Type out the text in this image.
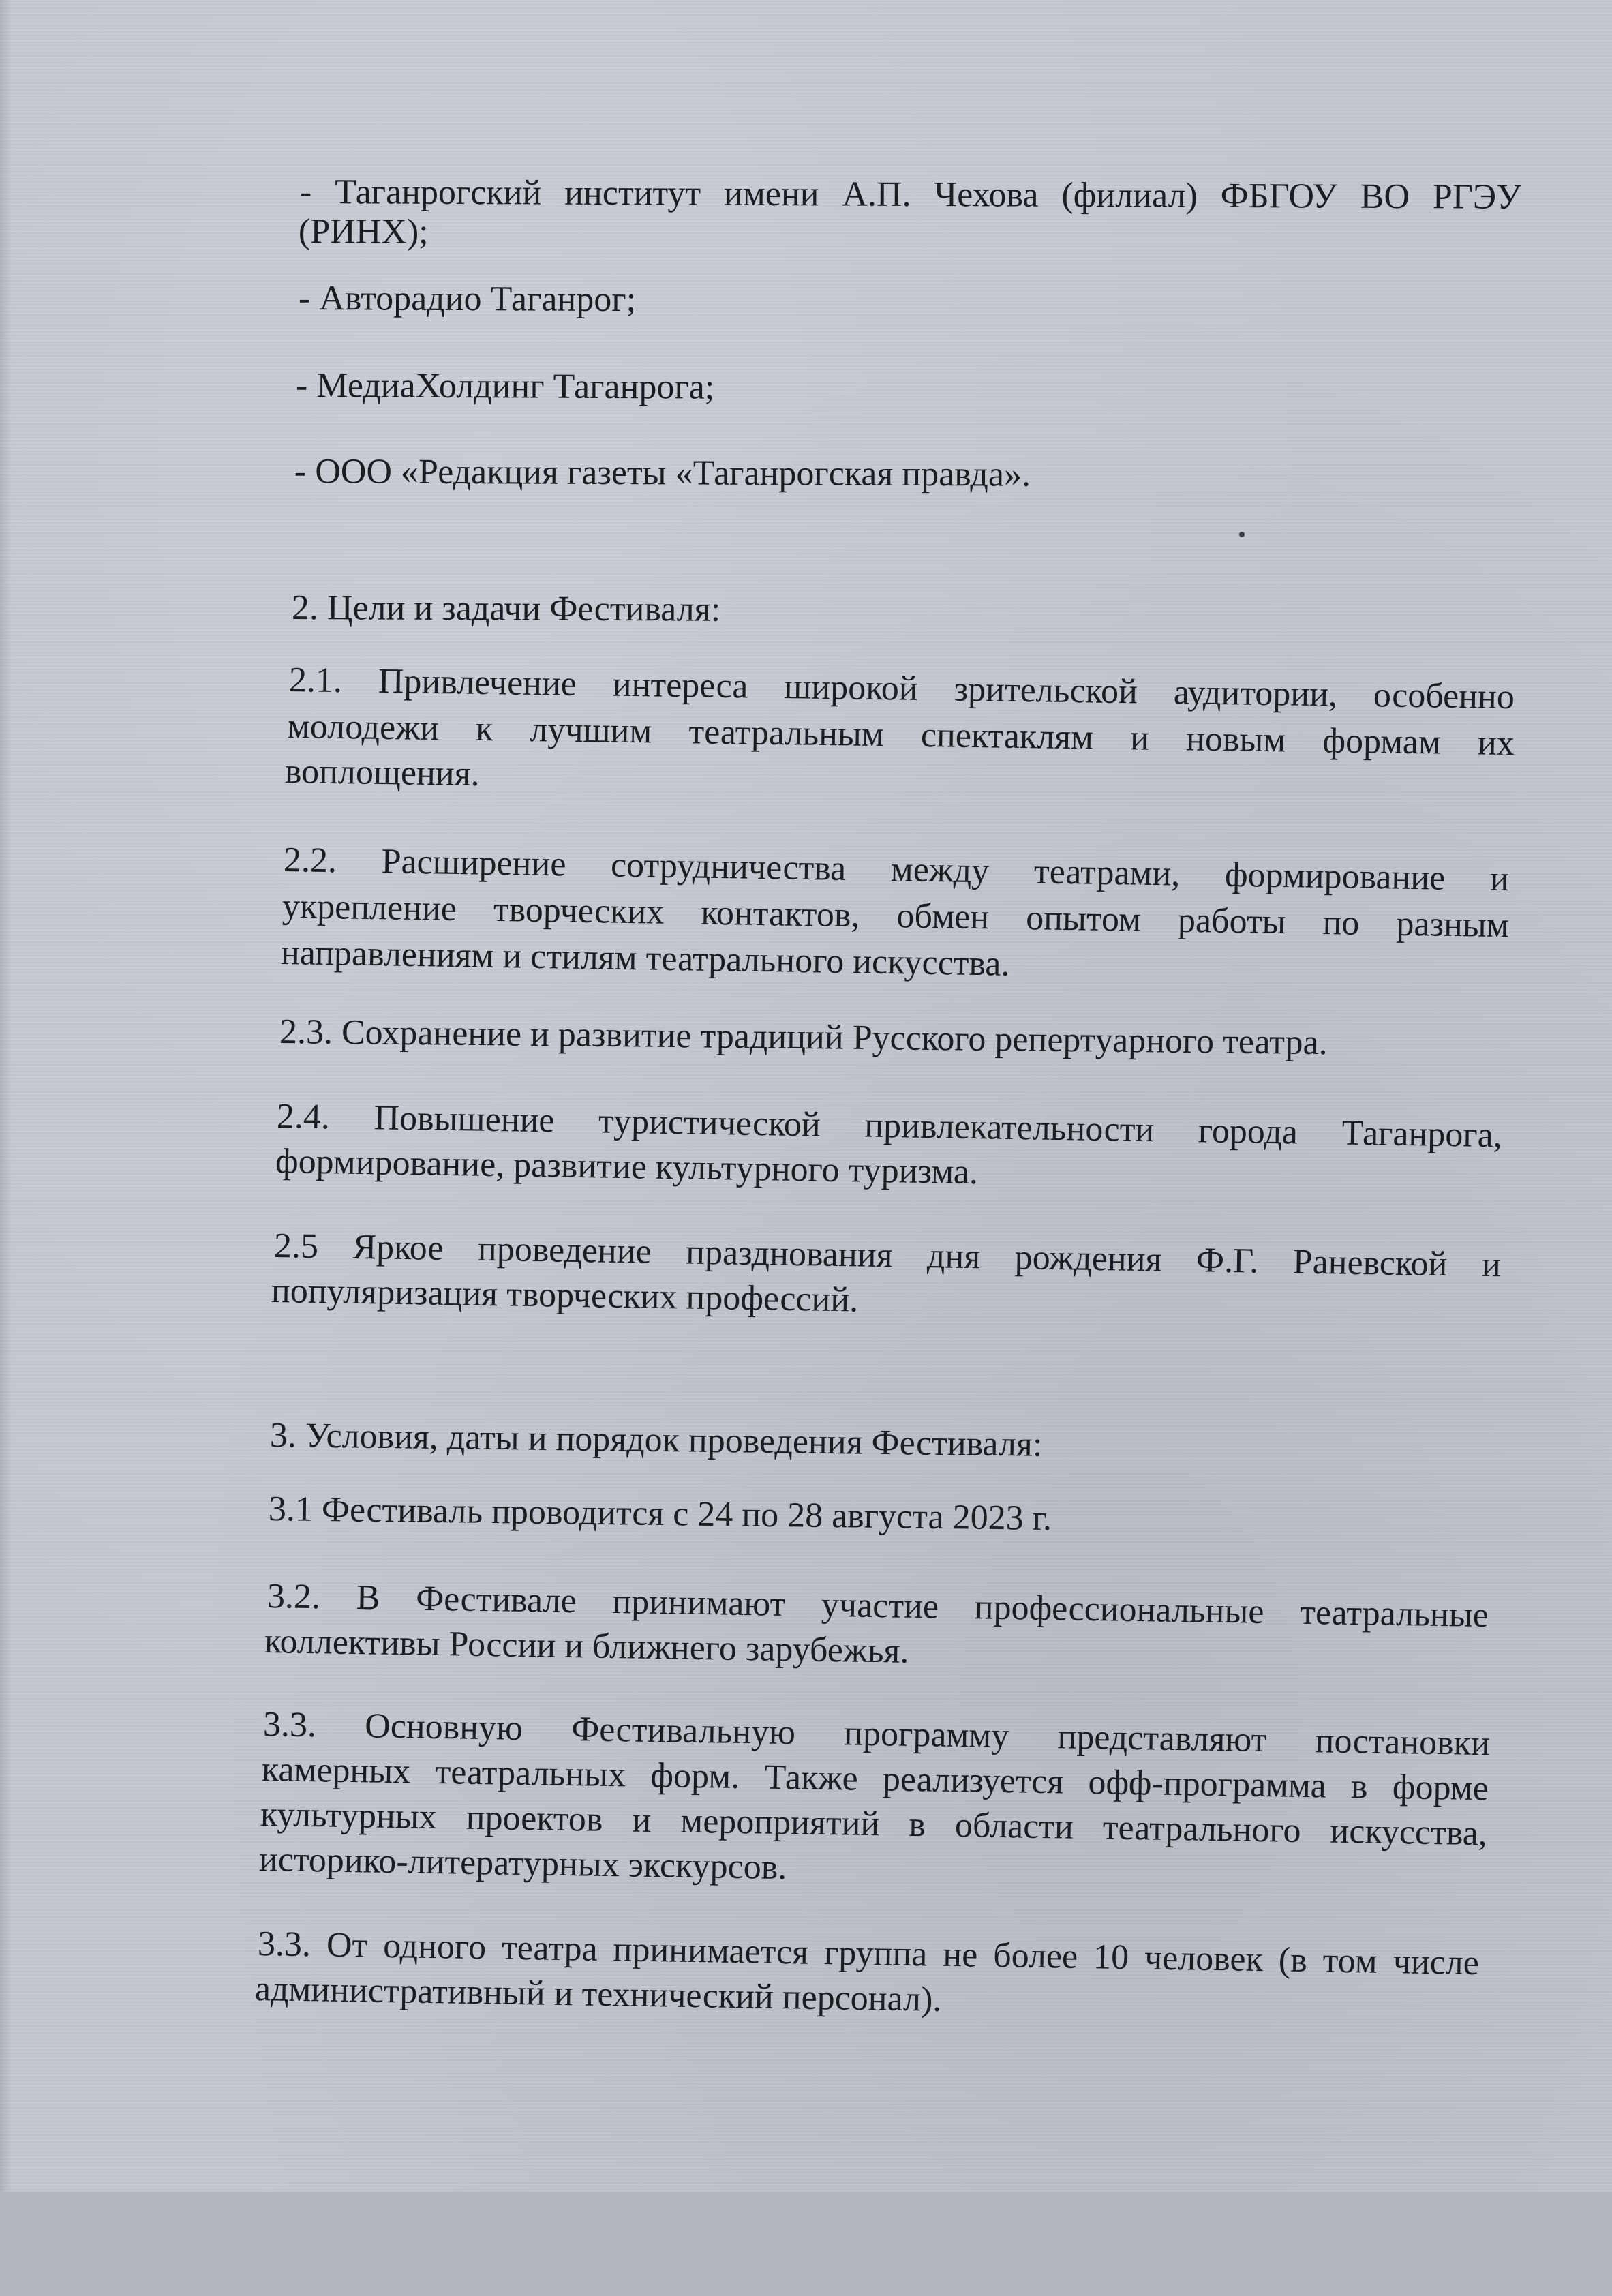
- Таганрогский институт имени А.П. Чехова (филиал) ФБГОУ ВО РГЭУ
(РИНХ);
- Авторадио Таганрог;
- МедиаХолдинг Таганрога;
- ООО «Редакция газеты «Таганрогская правда».
2. Цели и задачи Фестиваля:
2.1. Привлечение интереса широкой зрительской аудитории, особенно
молодежи к лучшим театральным спектаклям и новым формам их
воплощения.
2.2. Расширение сотрудничества между театрами, формирование и
укрепление творческих контактов, обмен опытом работы по разным
направлениям и стилям театрального искусства.
2.3. Сохранение и развитие традиций Русского репертуарного театра.
2.4. Повышение туристической привлекательности города Таганрога,
формирование, развитие культурного туризма.
2.5 Яркое проведение празднования дня рождения Ф.Г. Раневской и
популяризация творческих профессий.
3. Условия, даты и порядок проведения Фестиваля:
3.1 Фестиваль проводится с 24 по 28 августа 2023 г.
3.2. В Фестивале принимают участие профессиональные театральные
коллективы России и ближнего зарубежья.
3.3. Основную Фестивальную программу представляют постановки
камерных театральных форм. Также реализуется офф-программа в форме
культурных проектов и мероприятий в области театрального искусства,
историко-литературных экскурсов.
3.3. От одного театра принимается группа не более 10 человек (в том числе
административный и технический персонал).
